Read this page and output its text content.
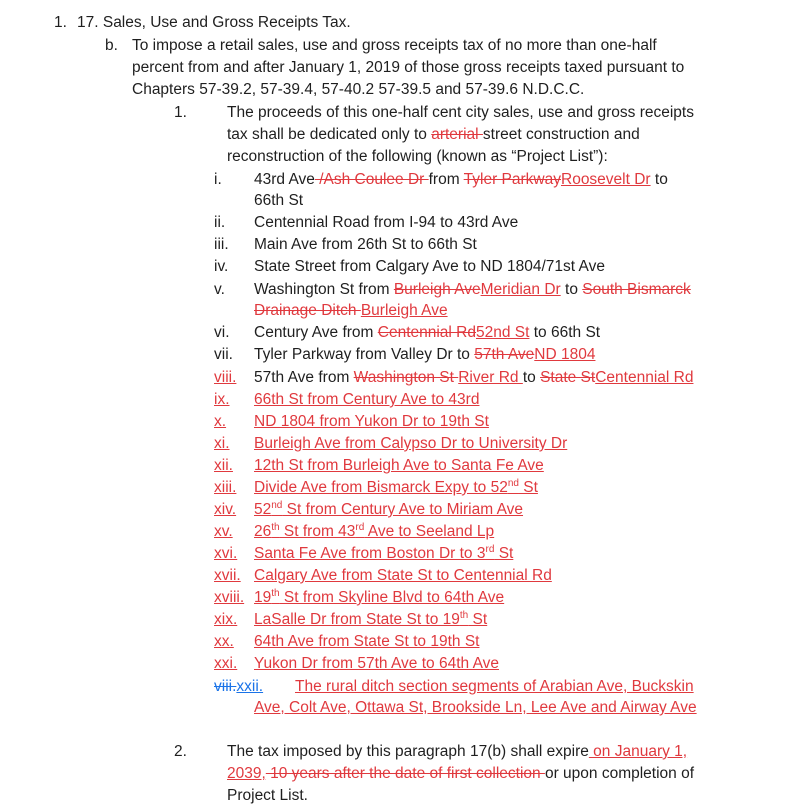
1. 17. Sales, Use and Gross Receipts Tax.
b. To impose a retail sales, use and gross receipts tax of no more than one-half
percent from and after January 1, 2019 of those gross receipts taxed pursuant to
Chapters 57-39.2, 57-39.4, 57-40.2 57-39.5 and 57-39.6 N.D.C.C.
1.	The proceeds of this one-half cent city sales, use and gross receipts
tax shall be dedicated only to arterial street construction and
reconstruction of the following (known as “Project List”):
i. 43rd Ave /Ash Coulee Dr from Tyler ParkwayRoosevelt Dr to
66th St
ii. Centennial Road from I-94 to 43rd Ave
iii. Main Ave from 26th St to 66th St
iv. State Street from Calgary Ave to ND 1804/71st Ave
v. Washington St from Burleigh AveMeridian Dr to South Bismarck
Drainage Ditch Burleigh Ave
vi. Century Ave from Centennial Rd52nd St to 66th St
vii. Tyler Parkway from Valley Dr to 57th AveND 1804
viii.	57th Ave from Washington St River Rd to State StCentennial Rd
ix.	66th St from Century Ave to 43rd
x.	ND 1804 from Yukon Dr to 19th St
xi.	Burleigh Ave from Calypso Dr to University Dr
xii.	12th St from Burleigh Ave to Santa Fe Ave
xiii.	Divide Ave from Bismarck Expy to 52nd St
xiv.	52nd St from Century Ave to Miriam Ave
xv.	26th St from 43rd Ave to Seeland Lp
xvi.	Santa Fe Ave from Boston Dr to 3rd St
xvii. Calgary Ave from State St to Centennial Rd
xviii. 19th St from Skyline Blvd to 64th Ave
xix.	LaSalle Dr from State St to 19th St
xx.	64th Ave from State St to 19th St
xxi.	Yukon Dr from 57th Ave to 64th Ave
viii.xxii.	The rural ditch section segments of Arabian Ave, Buckskin
Ave, Colt Ave, Ottawa St, Brookside Ln, Lee Ave and Airway Ave
2.	The tax imposed by this paragraph 17(b) shall expire on January 1,
2039, 10 years after the date of first collection or upon completion of
Project List.
